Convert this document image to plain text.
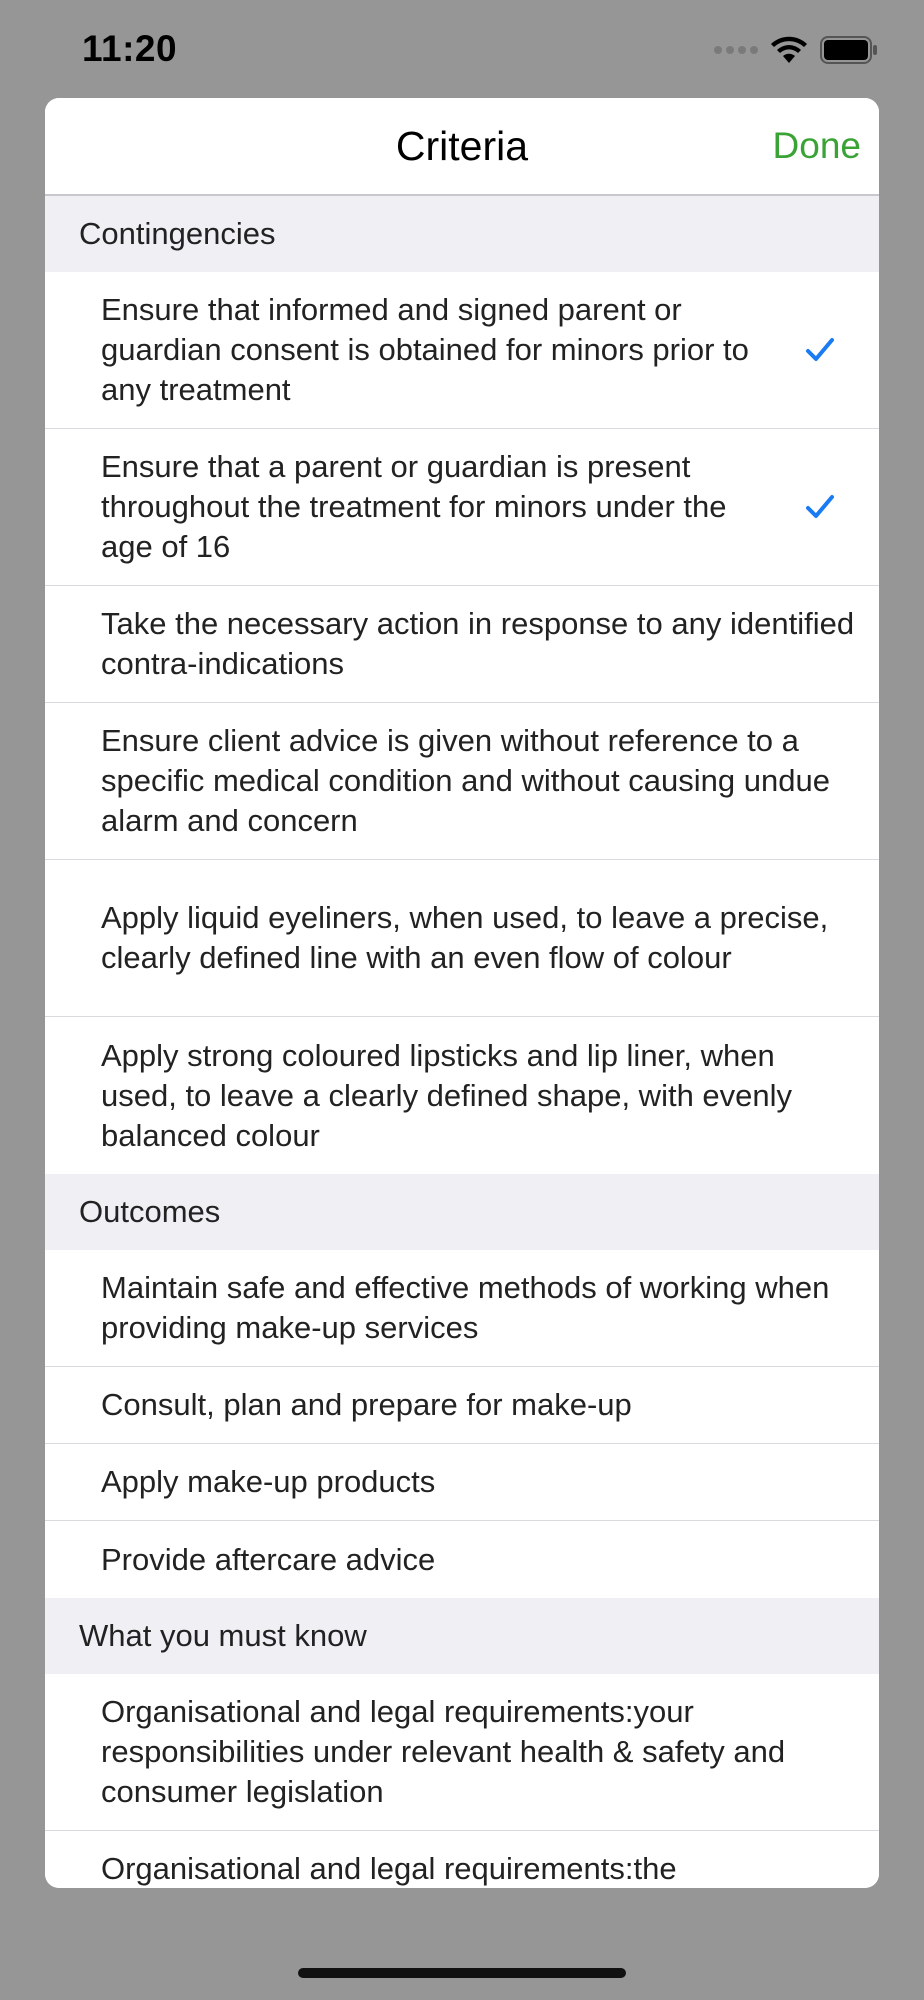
11:20
Criteria	Done
Contingencies
Ensure that informed and signed parent or guardian consent is obtained for minors prior to any treatment
Ensure that a parent or guardian is present throughout the treatment for minors under the age of 16
Take the necessary action in response to any identified contra-indications
Ensure client advice is given without reference to a specific medical condition and without causing undue alarm and concern
Apply liquid eyeliners, when used, to leave a precise, clearly defined line with an even flow of colour
Apply strong coloured lipsticks and lip liner, when used, to leave a clearly defined shape, with evenly balanced colour
Outcomes
Maintain safe and effective methods of working when providing make-up services
Consult, plan and prepare for make-up
Apply make-up products
Provide aftercare advice
What you must know
Organisational and legal requirements:your responsibilities under relevant health & safety and consumer legislation
Organisational and legal requirements:the
